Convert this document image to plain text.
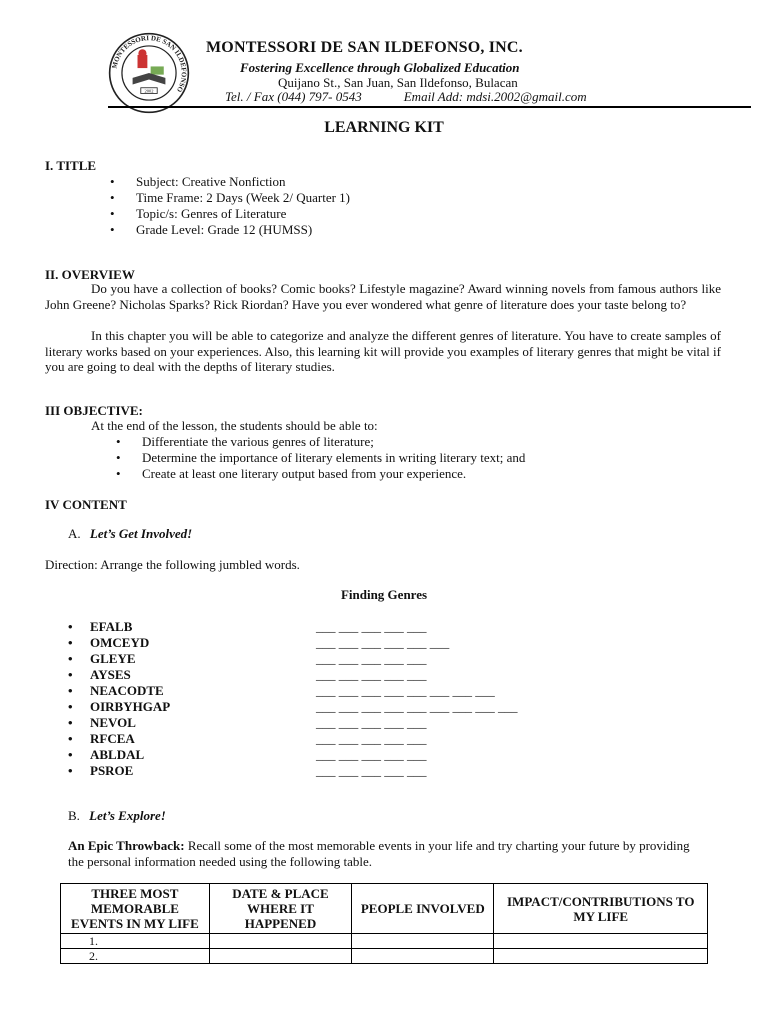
MONTESSORI DE SAN ILDEFONSO
2002
MONTESSORI DE SAN ILDEFONSO, INC.
Fostering Excellence through Globalized Education
Quijano St., San Juan, San Ildefonso, Bulacan
Tel. / Fax (044) 797- 0543	Email Add: mdsi.2002@gmail.com
LEARNING KIT
I. TITLE
• Subject: Creative Nonfiction
• Time Frame: 2 Days (Week 2/ Quarter 1)
• Topic/s: Genres of Literature
• Grade Level: Grade 12 (HUMSS)
II. OVERVIEW
Do you have a collection of books? Comic books? Lifestyle magazine? Award winning novels from famous authors like John Greene? Nicholas Sparks? Rick Riordan? Have you ever wondered what genre of literature does your taste belong to?
In this chapter you will be able to categorize and analyze the different genres of literature. You have to create samples of literary works based on your experiences. Also, this learning kit will provide you examples of literary genres that might be vital if you are going to deal with the depths of literary studies.
III OBJECTIVE:
At the end of the lesson, the students should be able to:
• Differentiate the various genres of literature;
• Determine the importance of literary elements in writing literary text; and
• Create at least one literary output based from your experience.
IV CONTENT
A. Let’s Get Involved!
Direction: Arrange the following jumbled words.
Finding Genres
• EFALB	___ ___ ___ ___ ___
• OMCEYD	___ ___ ___ ___ ___ ___
• GLEYE	___ ___ ___ ___ ___
• AYSES	___ ___ ___ ___ ___
• NEACODTE	___ ___ ___ ___ ___ ___ ___ ___
• OIRBYHGAP	___ ___ ___ ___ ___ ___ ___ ___ ___
• NEVOL	___ ___ ___ ___ ___
• RFCEA	___ ___ ___ ___ ___
• ABLDAL	___ ___ ___ ___ ___
• PSROE	___ ___ ___ ___ ___
B. Let’s Explore!
An Epic Throwback: Recall some of the most memorable events in your life and try charting your future by providing the personal information needed using the following table.
THREE MOST MEMORABLE EVENTS IN MY LIFE	DATE & PLACE WHERE IT HAPPENED	PEOPLE INVOLVED	IMPACT/CONTRIBUTIONS TO MY LIFE
1.			
2.			
